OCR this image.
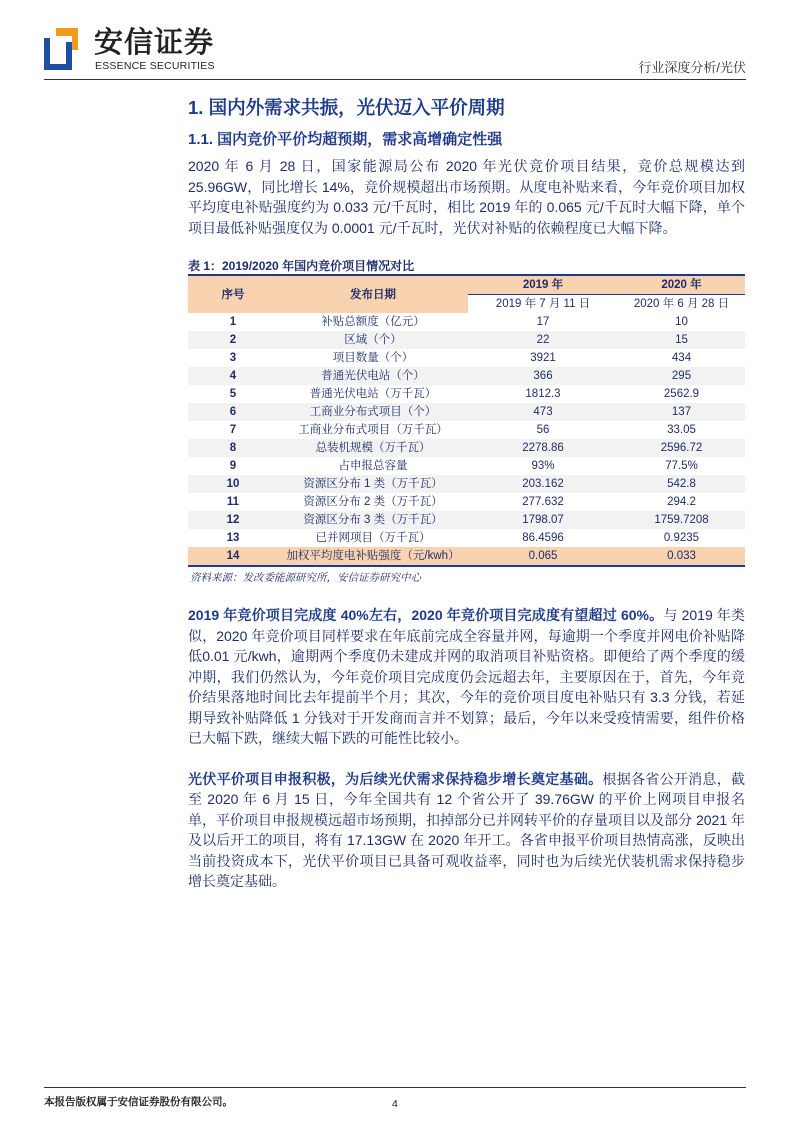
安信证券
ESSENCE SECURITIES	行业深度分析/光伏
1. 国内外需求共振，光伏迈入平价周期
1.1. 国内竞价平价均超预期，需求高增确定性强
2020 年 6 月 28 日，国家能源局公布 2020 年光伏竞价项目结果，竞价总规模达到 25.96GW，同比增长 14%，竞价规模超出市场预期。从度电补贴来看，今年竞价项目加权平均度电补贴强度约为 0.033 元/千瓦时，相比 2019 年的 0.065 元/千瓦时大幅下降，单个项目最低补贴强度仅为 0.0001 元/千瓦时，光伏对补贴的依赖程度已大幅下降。
表 1：2019/2020 年国内竞价项目情况对比
序号	发布日期	2019 年	2020 年
		2019 年 7 月 11 日	2020 年 6 月 28 日
1	补贴总额度（亿元）	17	10
2	区域（个）	22	15
3	项目数量（个）	3921	434
4	普通光伏电站（个）	366	295
5	普通光伏电站（万千瓦）	1812.3	2562.9
6	工商业分布式项目（个）	473	137
7	工商业分布式项目（万千瓦）	56	33.05
8	总装机规模（万千瓦）	2278.86	2596.72
9	占申报总容量	93%	77.5%
10	资源区分布 1 类（万千瓦）	203.162	542.8
11	资源区分布 2 类（万千瓦）	277.632	294.2
12	资源区分布 3 类（万千瓦）	1798.07	1759.7208
13	已并网项目（万千瓦）	86.4596	0.9235
14	加权平均度电补贴强度（元/kwh）	0.065	0.033
资料来源：发改委能源研究所，安信证券研究中心
2019 年竞价项目完成度 40%左右，2020 年竞价项目完成度有望超过 60%。与 2019 年类似，2020 年竞价项目同样要求在年底前完成全容量并网，每逾期一个季度并网电价补贴降低0.01 元/kwh，逾期两个季度仍未建成并网的取消项目补贴资格。即便给了两个季度的缓冲期，我们仍然认为，今年竞价项目完成度仍会远超去年，主要原因在于，首先，今年竞价结果落地时间比去年提前半个月；其次，今年的竞价项目度电补贴只有 3.3 分钱，若延期导致补贴降低 1 分钱对于开发商而言并不划算；最后，今年以来受疫情需要，组件价格已大幅下跌，继续大幅下跌的可能性比较小。
光伏平价项目申报积极，为后续光伏需求保持稳步增长奠定基础。根据各省公开消息，截至 2020 年 6 月 15 日，今年全国共有 12 个省公开了 39.76GW 的平价上网项目申报名单，平价项目申报规模远超市场预期，扣掉部分已并网转平价的存量项目以及部分 2021 年及以后开工的项目，将有 17.13GW 在 2020 年开工。各省申报平价项目热情高涨，反映出当前投资成本下，光伏平价项目已具备可观收益率，同时也为后续光伏装机需求保持稳步增长奠定基础。
本报告版权属于安信证券股份有限公司。	4
